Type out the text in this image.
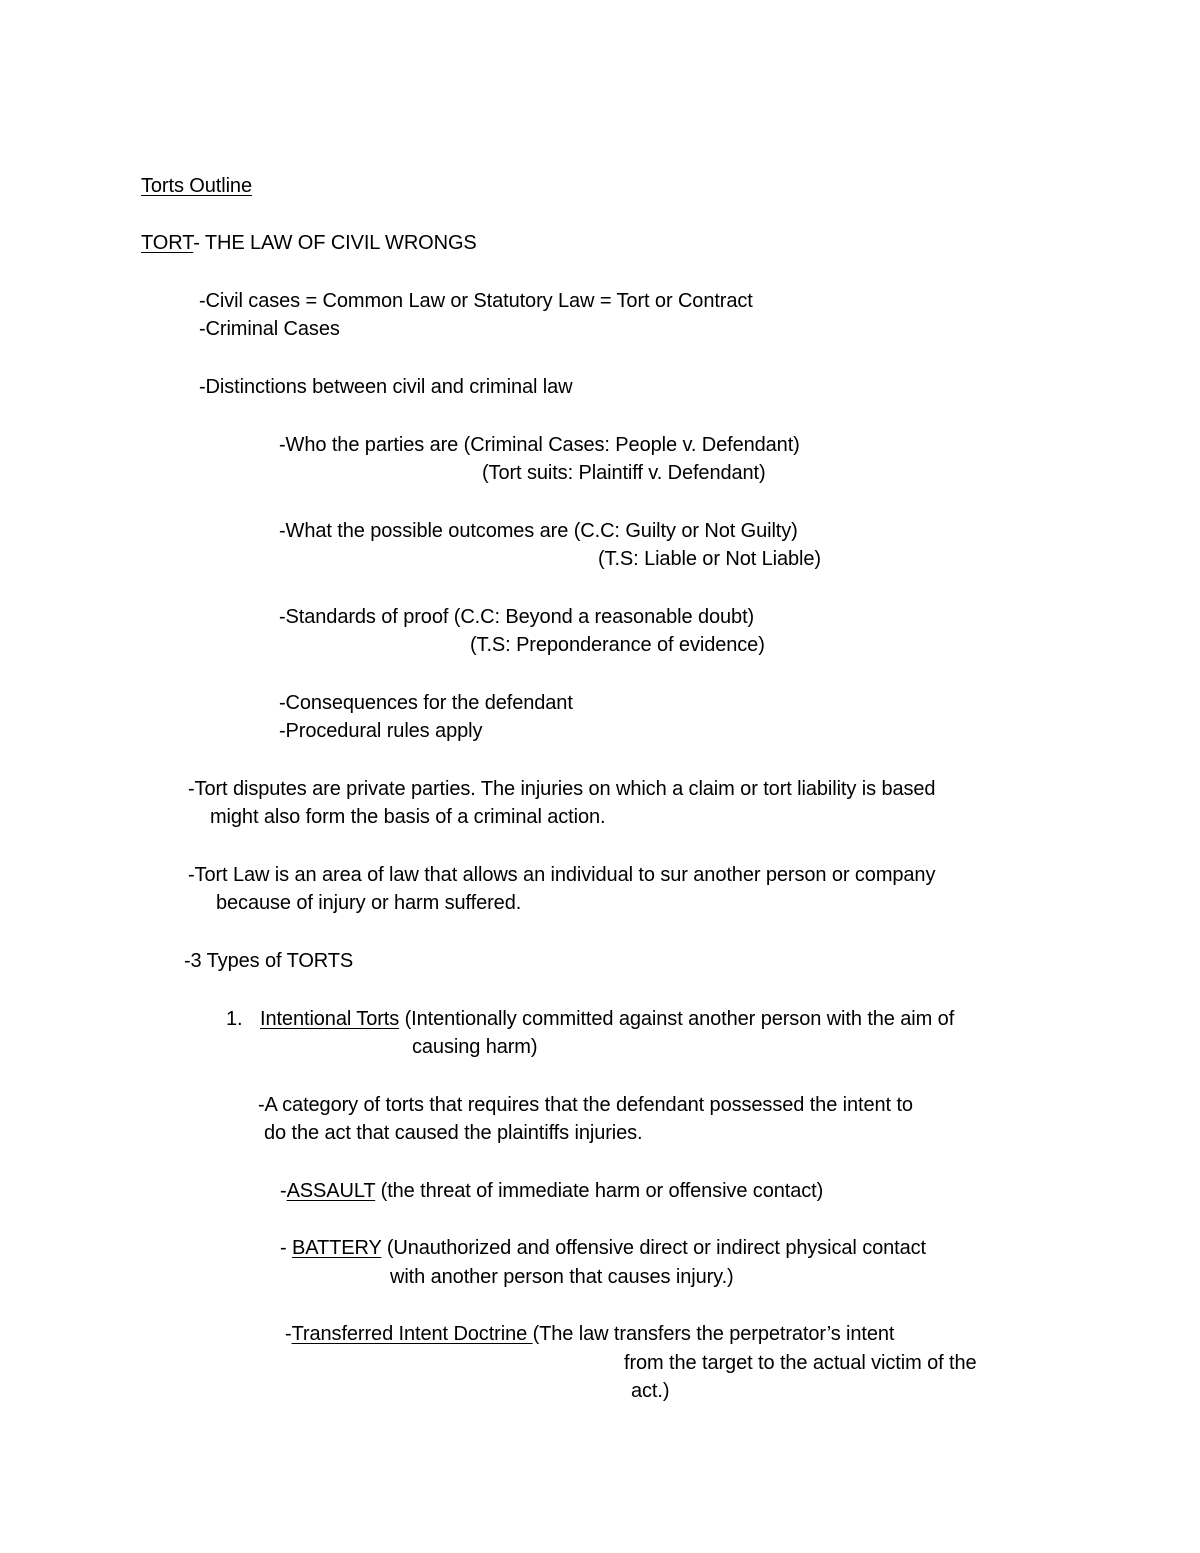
Torts Outline
TORT- THE LAW OF CIVIL WRONGS
-Civil cases = Common Law or Statutory Law = Tort or Contract
-Criminal Cases
-Distinctions between civil and criminal law
-Who the parties are (Criminal Cases: People v. Defendant)
(Tort suits: Plaintiff v. Defendant)
-What the possible outcomes are (C.C: Guilty or Not Guilty)
(T.S: Liable or Not Liable)
-Standards of proof (C.C: Beyond a reasonable doubt)
(T.S: Preponderance of evidence)
-Consequences for the defendant
-Procedural rules apply
-Tort disputes are private parties. The injuries on which a claim or tort liability is based
might also form the basis of a criminal action.
-Tort Law is an area of law that allows an individual to sur another person or company
because of injury or harm suffered.
-3 Types of TORTS
1. Intentional Torts (Intentionally committed against another person with the aim of
causing harm)
-A category of torts that requires that the defendant possessed the intent to
do the act that caused the plaintiffs injuries.
-ASSAULT (the threat of immediate harm or offensive contact)
- BATTERY (Unauthorized and offensive direct or indirect physical contact
with another person that causes injury.)
-Transferred Intent Doctrine (The law transfers the perpetrator’s intent
from the target to the actual victim of the
act.)
